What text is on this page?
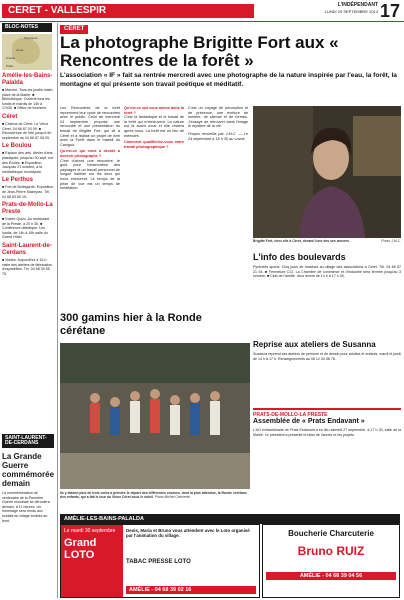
CERET - VALLESPIR	L'INDÉPENDANT
LUNDI 29 SEPTEMBRE 2014 17
BLOC-NOTES
Perpignan
Céret
Amélie
Prats
Amélie-les-Bains-Palalda
■ Marché. Tous les jeudis matin, place de la Mairie. ■ Bibliothèque. Ouverte tous les lundis et mardis de 14h à 17h30. ■ Office de tourisme.
Céret
■ Cinéma de Céret. Le Vieux Céret, 04 68 87 03 09. ■ Réouverture de l'été jusqu'à fin septembre au 04 68 87 08 05.
Le Boulou
■ Espace des arts. Atelier d'arts plastiques, jusqu'au 30 sept, rue des Écoles. ■ Exposition. Jusqu'au 21 octobre, à la médiathèque municipale.
Le Perthus
■ Fort de Bellegarde. Exposition de Jean-Pierre Mazeyrac. Tél. 04 68 83 60 15.
Prats-de-Mollo-La Preste
■ Soirée Quizz. Au restaurant de la Preste, à 20 h 30. ■ Conférence diététique. Les lundis, de 14h à 16h salle du Grand Hôtel.
Saint-Laurent-de-Cerdans
■ Visites. Aujourd'hui à 15 h, visite des ateliers de fabrication d'espadrilles. Tél. 04 68 39 55 75.
SAINT-LAURENT-DE-CERDANS
La Grande Guerre commémorée demain
La commémoration de centenaire de la Première Guerre mondiale se déroulera demain, à 11 heures. Un hommage sera rendu aux soldats du village tombés au front.
CÉRET
La photographe Brigitte Fort aux « Rencontres de la forêt »
L'association « IF » fait sa rentrée mercredi avec une photographe de la nature inspirée par l'eau, la forêt, la montagne et qui présente son travail poétique et méditatif.
Les Rencontres de la forêt reprennent leur cycle de rencontres avec le public. Celui de mercredi 24 septembre propose une rencontre et une présentation du travail de Brigitte Fort, qui vit à Céret et a réalisé un projet de livre avec la Forêt dans le massif du Canigou.
Qu'est-ce qui vous a décidé à devenir photographe ?
C'est d'abord une rencontre, le goût pour l'observation des paysages et un travail personnel de longue haleine sur les lieux qui nous entourent. Le temps de la prise de vue est un temps de méditation.
Qu'est-ce qui vous anime dans la forêt ?
C'est la fantastique et le travail de la forêt qui m'émeuvent. La nature est là avant nous et elle restera après nous. La forêt est un lieu de mémoire.
Comment qualifieriez-vous votre travail photographique ?
C'est un voyage de perception et de présence, une écriture de lumière, de silence et de formes. J'essaye de retrouver dans l'image le mystère de la vie.
Propos recueillis par J.M.C. — Le 24 septembre à 18 h 30 au Lavoir.
Brigitte Fort, chez elle à Céret, devant l'une des ses œuvres.	Photo J.M.C.
300 gamins hier à la Ronde cérétane
Ils y étaient plus de trois cents à prendre le départ des différentes courses, dont la plus attendue, la Ronde cérétane des enfants, qui a fait le tour du Vieux Céret sous le soleil. Photo Michel Clemente
L'info des boulevards
Pyrénées sports. Cinq jours de matches au village des associations à Céret. Tél. 04 68 87 21 54. ■ Fermeture CCI. La Chambre de commerce et d'industrie sera fermée jusqu'au 3 octobre. ■ Club de l'amitié. Jeux divers de 14 h à 17 h 30.
Reprise aux ateliers de Susanna
Susanna reprend ses ateliers de peinture et de dessin pour adultes et enfants, mardi et jeudi de 14 h à 17 h. Renseignements au 06 12 34 56 78.
PRATS-DE-MOLLO-LA PRESTE
Assemblée de « Prats Endavant »
L'AG extraordinaire de Prats Endavant a eu lieu samedi 27 septembre, à 17 h 30, salle de la Mairie. Le président a présenté le bilan de l'année et les projets.
AMÉLIE-LES-BAINS-PALALDA
Le mardi 30 septembre
Grand LOTO
Denis, Maria et Bruno vous attendent avec le Loto organisé par l'animation du village.
TABAC PRESSE LOTO
AMÉLIE - 04 68 39 02 16
Boucherie Charcuterie
Bruno RUIZ
AMÉLIE - 04 68 39 04 56
